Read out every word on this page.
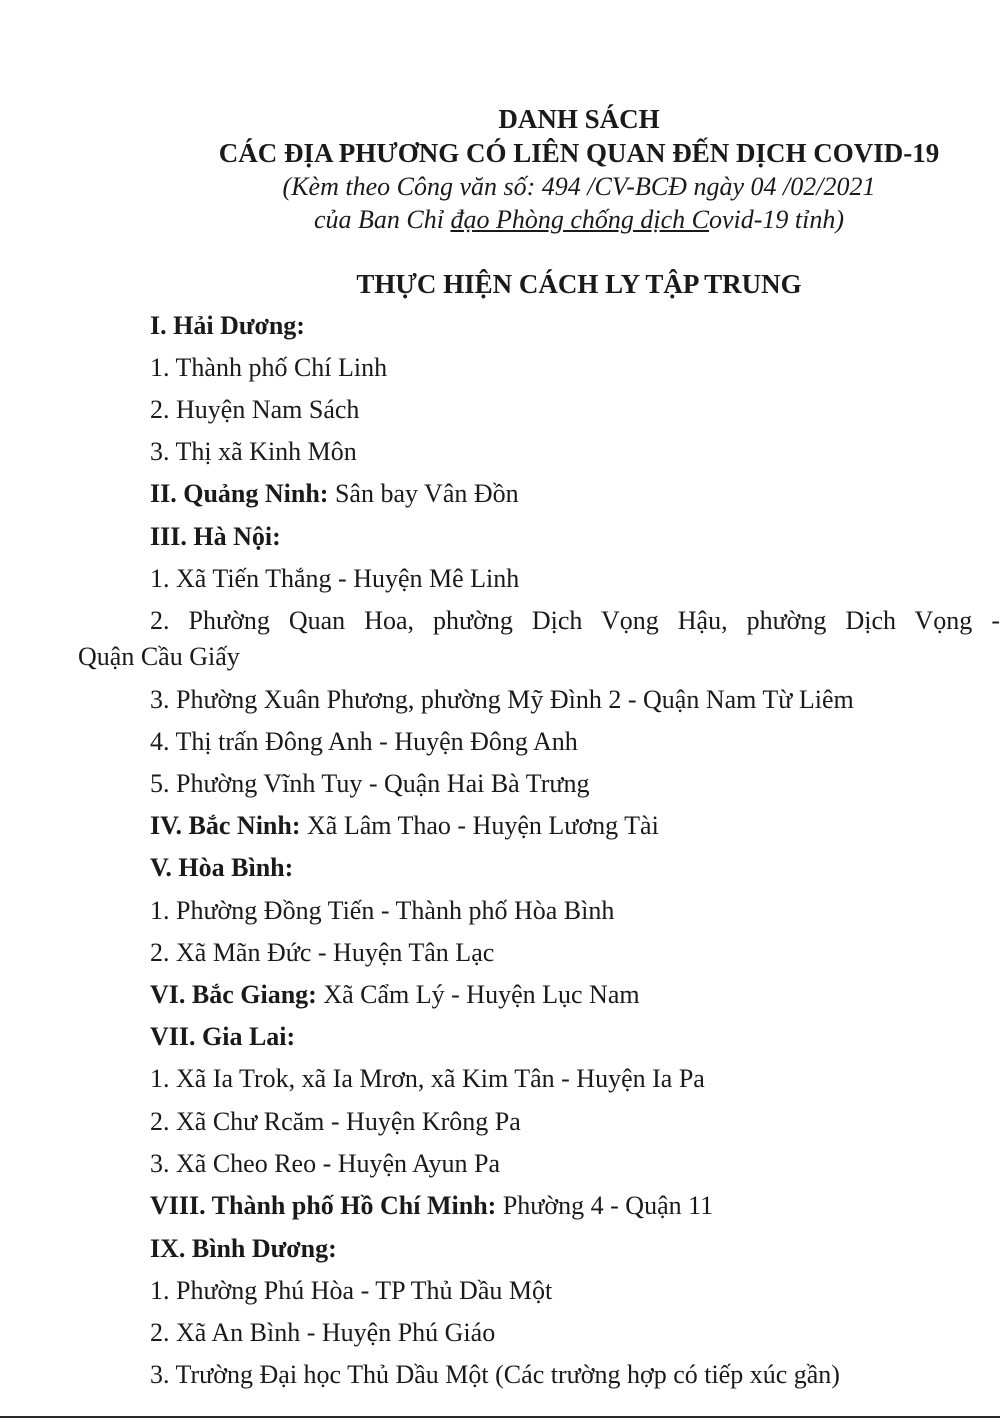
DANH SÁCH
CÁC ĐỊA PHƯƠNG CÓ LIÊN QUAN ĐẾN DỊCH COVID-19
(Kèm theo Công văn số: 494 /CV-BCĐ ngày 04 /02/2021
của Ban Chỉ đạo Phòng chống dịch Covid-19 tỉnh)
THỰC HIỆN CÁCH LY TẬP TRUNG
I. Hải Dương:
1. Thành phố Chí Linh
2. Huyện Nam Sách
3. Thị xã Kinh Môn
II. Quảng Ninh: Sân bay Vân Đồn
III. Hà Nội:
1. Xã Tiến Thắng - Huyện Mê Linh
2. Phường Quan Hoa, phường Dịch Vọng Hậu, phường Dịch Vọng -
Quận Cầu Giấy
3. Phường Xuân Phương, phường Mỹ Đình 2 - Quận Nam Từ Liêm
4. Thị trấn Đông Anh - Huyện Đông Anh
5. Phường Vĩnh Tuy - Quận Hai Bà Trưng
IV. Bắc Ninh: Xã Lâm Thao - Huyện Lương Tài
V. Hòa Bình:
1. Phường Đồng Tiến - Thành phố Hòa Bình
2. Xã Mãn Đức - Huyện Tân Lạc
VI. Bắc Giang: Xã Cẩm Lý - Huyện Lục Nam
VII. Gia Lai:
1. Xã Ia Trok, xã Ia Mrơn, xã Kim Tân - Huyện Ia Pa
2. Xã Chư Rcăm - Huyện Krông Pa
3. Xã Cheo Reo - Huyện Ayun Pa
VIII. Thành phố Hồ Chí Minh: Phường 4 - Quận 11
IX. Bình Dương:
1. Phường Phú Hòa - TP Thủ Dầu Một
2. Xã An Bình - Huyện Phú Giáo
3. Trường Đại học Thủ Dầu Một (Các trường hợp có tiếp xúc gần)
